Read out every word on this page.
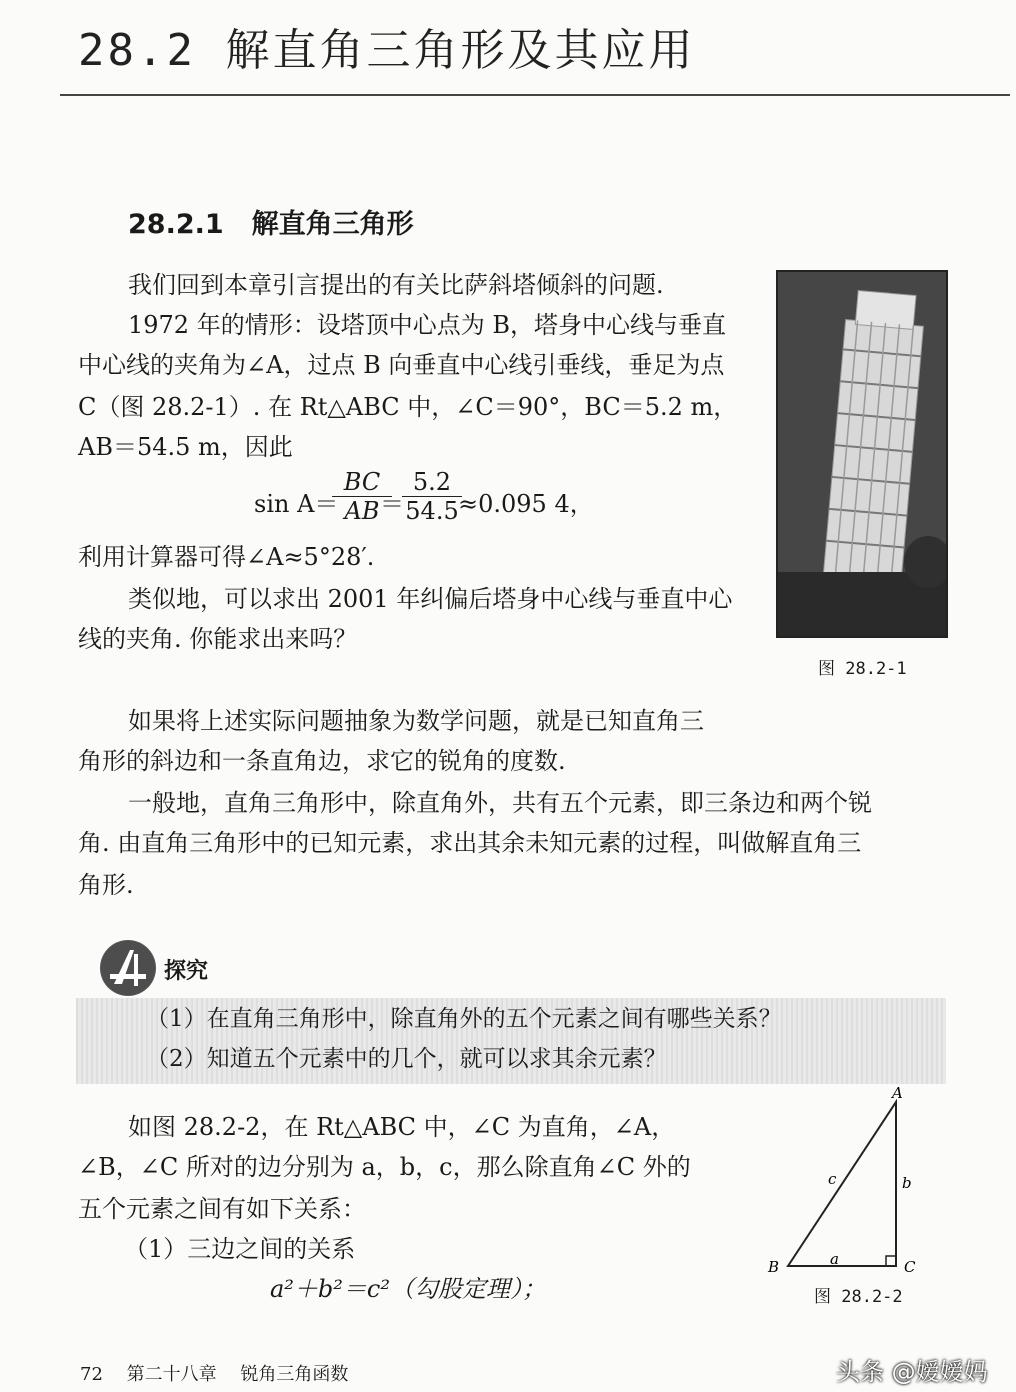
28.2 解直角三角形及其应用
28.2.1 解直角三角形
我们回到本章引言提出的有关比萨斜塔倾斜的问题.
1972 年的情形：设塔顶中心点为 B，塔身中心线与垂直
中心线的夹角为∠A，过点 B 向垂直中心线引垂线，垂足为点
C（图 28.2-1）. 在 Rt△ABC 中，∠C＝90°，BC＝5.2 m，
AB＝54.5 m，因此
sin A＝
$\frac{BC}{AB}$
＝
$\frac{5.2}{54.5}$
≈0.095 4，
利用计算器可得∠A≈5°28′.
类似地，可以求出 2001 年纠偏后塔身中心线与垂直中心
线的夹角. 你能求出来吗？
图 28.2-1
如果将上述实际问题抽象为数学问题，就是已知直角三
角形的斜边和一条直角边，求它的锐角的度数.
一般地，直角三角形中，除直角外，共有五个元素，即三条边和两个锐
角. 由直角三角形中的已知元素，求出其余未知元素的过程，叫做解直角三
角形.
探究
（1）在直角三角形中，除直角外的五个元素之间有哪些关系？
（2）知道五个元素中的几个，就可以求其余元素？
如图 28.2-2，在 Rt△ABC 中，∠C 为直角，∠A，
∠B，∠C 所对的边分别为 a，b，c，那么除直角∠C 外的
五个元素之间有如下关系：
（1）三边之间的关系
a²＋b²＝c²（勾股定理）；
A
B	C
a
b
c
图 28.2-2
72 第二十八章 锐角三角函数	头条 @嫒嫒妈
